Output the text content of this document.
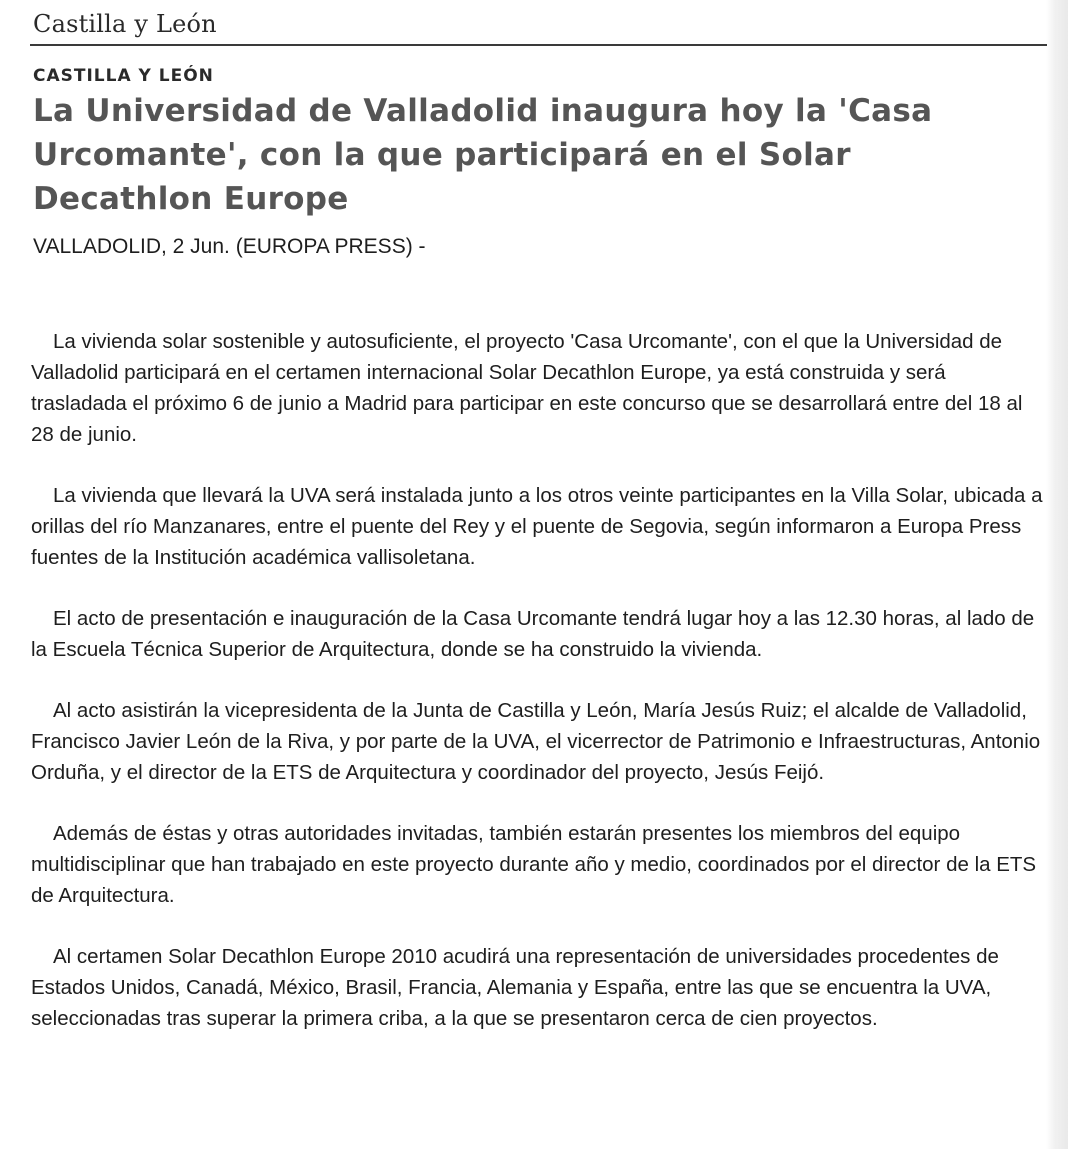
Castilla y León
CASTILLA Y LEÓN
La Universidad de Valladolid inaugura hoy la 'Casa Urcomante', con la que participará en el Solar Decathlon Europe
VALLADOLID, 2 Jun. (EUROPA PRESS) -

La vivienda solar sostenible y autosuficiente, el proyecto 'Casa Urcomante', con el que la Universidad de Valladolid participará en el certamen internacional Solar Decathlon Europe, ya está construida y será trasladada el próximo 6 de junio a Madrid para participar en este concurso que se desarrollará entre del 18 al 28 de junio.

La vivienda que llevará la UVA será instalada junto a los otros veinte participantes en la Villa Solar, ubicada a orillas del río Manzanares, entre el puente del Rey y el puente de Segovia, según informaron a Europa Press fuentes de la Institución académica vallisoletana.

El acto de presentación e inauguración de la Casa Urcomante tendrá lugar hoy a las 12.30 horas, al lado de la Escuela Técnica Superior de Arquitectura, donde se ha construido la vivienda.

Al acto asistirán la vicepresidenta de la Junta de Castilla y León, María Jesús Ruiz; el alcalde de Valladolid, Francisco Javier León de la Riva, y por parte de la UVA, el vicerrector de Patrimonio e Infraestructuras, Antonio Orduña, y el director de la ETS de Arquitectura y coordinador del proyecto, Jesús Feijó.

Además de éstas y otras autoridades invitadas, también estarán presentes los miembros del equipo multidisciplinar que han trabajado en este proyecto durante año y medio, coordinados por el director de la ETS de Arquitectura.

Al certamen Solar Decathlon Europe 2010 acudirá una representación de universidades procedentes de Estados Unidos, Canadá, México, Brasil, Francia, Alemania y España, entre las que se encuentra la UVA, seleccionadas tras superar la primera criba, a la que se presentaron cerca de cien proyectos.
